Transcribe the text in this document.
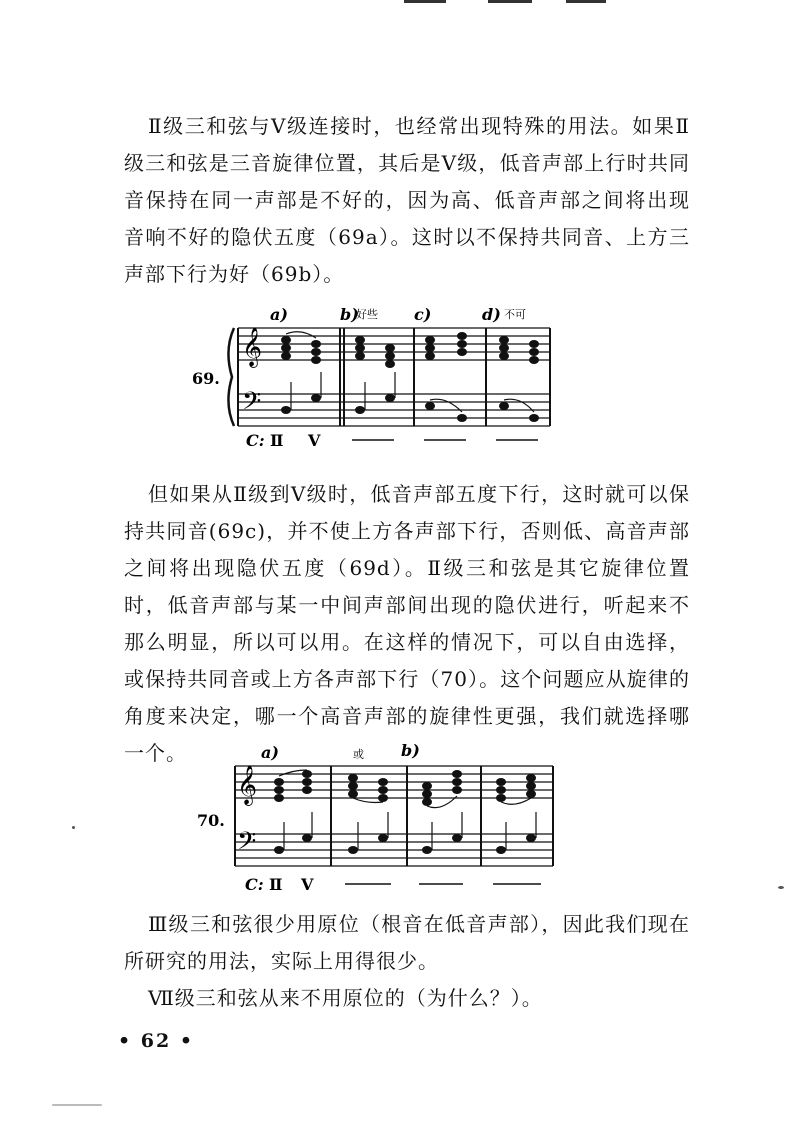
Ⅱ级三和弦与Ⅴ级连接时，也经常出现特殊的用法。如果Ⅱ级三和弦是三音旋律位置，其后是Ⅴ级，低音声部上行时共同音保持在同一声部是不好的，因为高、低音声部之间将出现音响不好的隐伏五度（69a）。这时以不保持共同音、上方三声部下行为好（69b）。

𝄞
𝄢
69.
a)	b)
好些 c)	d) 不可
C: Ⅱ Ⅴ

但如果从Ⅱ级到Ⅴ级时，低音声部五度下行，这时就可以保持共同音(69c)，并不使上方各声部下行，否则低、高音声部之间将出现隐伏五度（69d）。Ⅱ级三和弦是其它旋律位置时，低音声部与某一中间声部间出现的隐伏进行，听起来不那么明显，所以可以用。在这样的情况下，可以自由选择，或保持共同音或上方各声部下行（70）。这个问题应从旋律的角度来决定，哪一个高音声部的旋律性更强，我们就选择哪一个。

𝄞
𝄢
70.
a)	或 b)
C: Ⅱ Ⅴ

Ⅲ级三和弦很少用原位（根音在低音声部），因此我们现在所研究的用法，实际上用得很少。

Ⅶ级三和弦从来不用原位的（为什么？）。

• 62 •
